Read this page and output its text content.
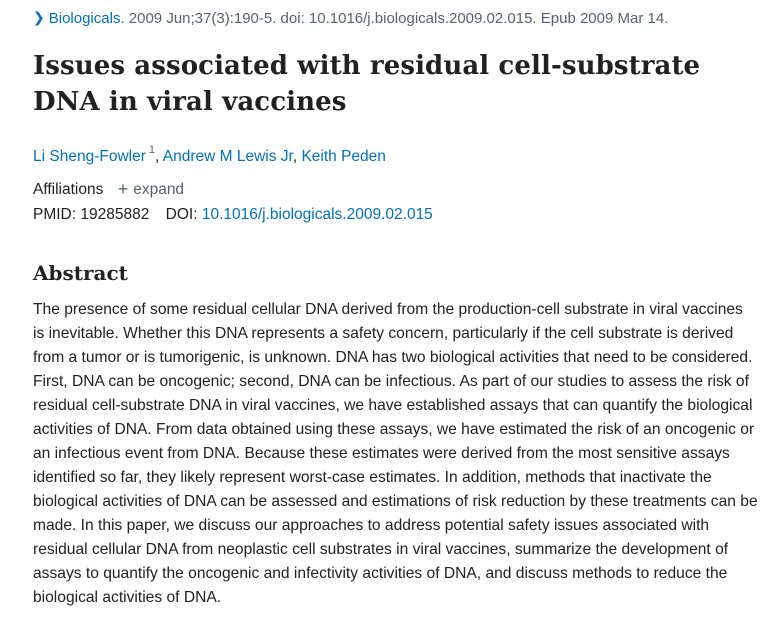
❯ Biologicals. 2009 Jun;37(3):190-5. doi: 10.1016/j.biologicals.2009.02.015. Epub 2009 Mar 14.
Issues associated with residual cell-substrate DNA in viral vaccines
Li Sheng-Fowler $^1$, Andrew M Lewis Jr, Keith Peden
Affiliations + expand
PMID: 19285882 DOI: 10.1016/j.biologicals.2009.02.015
Abstract

The presence of some residual cellular DNA derived from the production-cell substrate in viral vaccines is inevitable. Whether this DNA represents a safety concern, particularly if the cell substrate is derived from a tumor or is tumorigenic, is unknown. DNA has two biological activities that need to be considered. First, DNA can be oncogenic; second, DNA can be infectious. As part of our studies to assess the risk of residual cell-substrate DNA in viral vaccines, we have established assays that can quantify the biological activities of DNA. From data obtained using these assays, we have estimated the risk of an oncogenic or an infectious event from DNA. Because these estimates were derived from the most sensitive assays identified so far, they likely represent worst-case estimates. In addition, methods that inactivate the biological activities of DNA can be assessed and estimations of risk reduction by these treatments can be made. In this paper, we discuss our approaches to address potential safety issues associated with residual cellular DNA from neoplastic cell substrates in viral vaccines, summarize the development of assays to quantify the oncogenic and infectivity activities of DNA, and discuss methods to reduce the biological activities of DNA.
